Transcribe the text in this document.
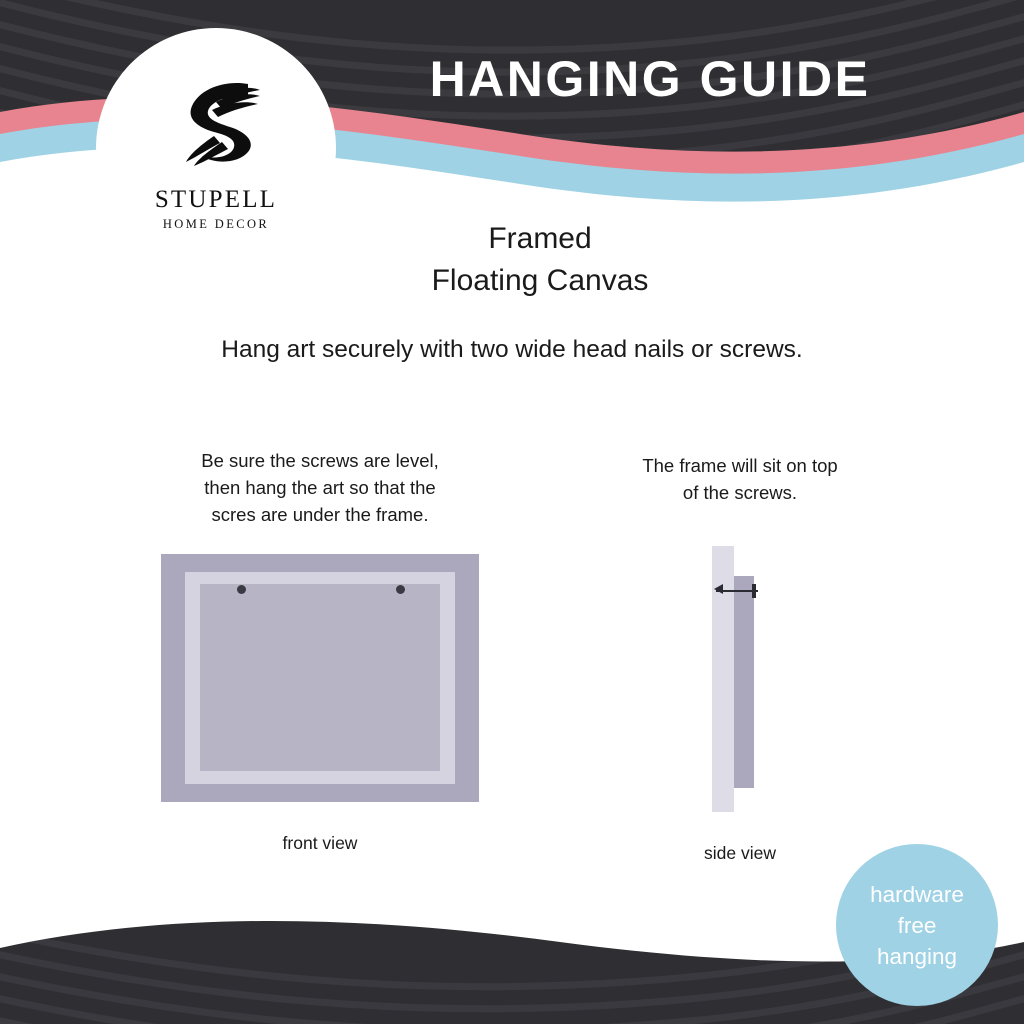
STUPELL
HOME DECOR
HANGING GUIDE
Framed
Floating Canvas
Hang art securely with two wide head nails or screws.
Be sure the screws are level,
then hang the art so that the
scres are under the frame.
The frame will sit on top
of the screws.
front view	side view
hardware
free
hanging
